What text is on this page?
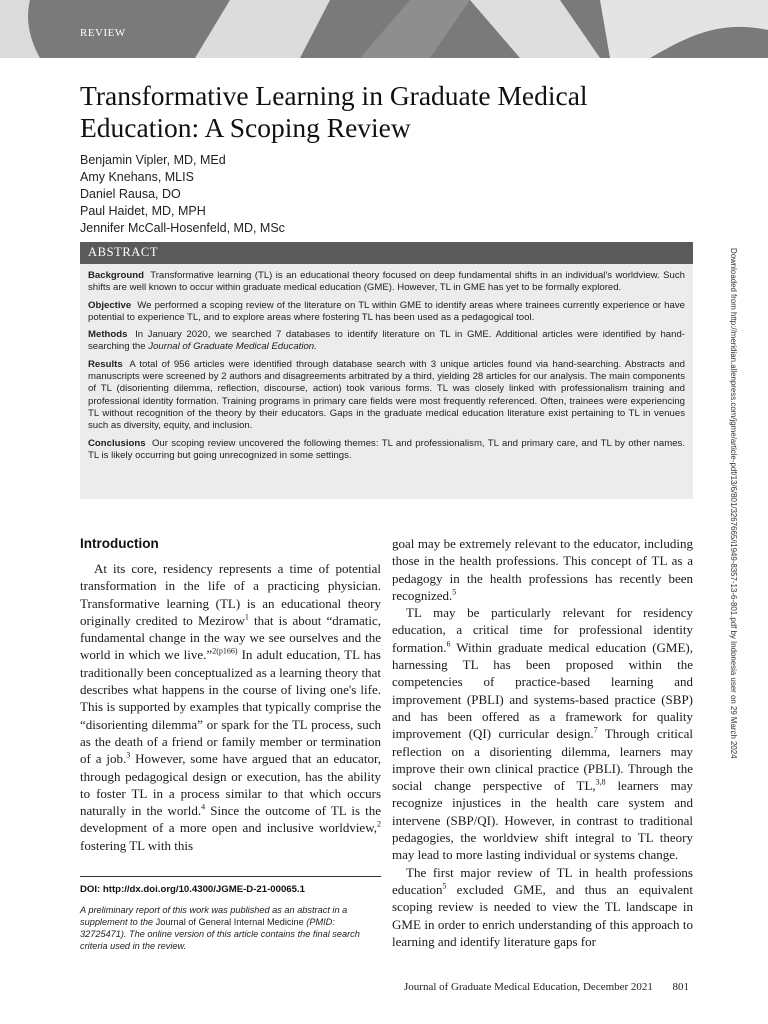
REVIEW
Transformative Learning in Graduate Medical Education: A Scoping Review
Benjamin Vipler, MD, MEd
Amy Knehans, MLIS
Daniel Rausa, DO
Paul Haidet, MD, MPH
Jennifer McCall-Hosenfeld, MD, MSc
ABSTRACT

Background Transformative learning (TL) is an educational theory focused on deep fundamental shifts in an individual's worldview. Such shifts are well known to occur within graduate medical education (GME). However, TL in GME has yet to be formally explored.

Objective We performed a scoping review of the literature on TL within GME to identify areas where trainees currently experience or have potential to experience TL, and to explore areas where fostering TL has been used as a pedagogical tool.

Methods In January 2020, we searched 7 databases to identify literature on TL in GME. Additional articles were identified by hand-searching the Journal of Graduate Medical Education.

Results A total of 956 articles were identified through database search with 3 unique articles found via hand-searching. Abstracts and manuscripts were screened by 2 authors and disagreements arbitrated by a third, yielding 28 articles for our analysis. The main components of TL (disorienting dilemma, reflection, discourse, action) took various forms. TL was closely linked with professionalism training and professional identity formation. Training programs in primary care fields were most frequently referenced. Often, trainees were experiencing TL without recognition of the theory by their educators. Gaps in the graduate medical education literature exist pertaining to TL in venues such as diversity, equity, and inclusion.

Conclusions Our scoping review uncovered the following themes: TL and professionalism, TL and primary care, and TL by other names. TL is likely occurring but going unrecognized in some settings.	Downloaded from http://meridian.allenpress.com/jgme/article-pdf/13/6/801/3267665/i1949-8357-13-6-801.pdf by Indonesia user on 29 March 2024
Introduction

At its core, residency represents a time of potential transformation in the life of a practicing physician. Transformative learning (TL) is an educational theory originally credited to Mezirow$^1$ that is about “dramatic, fundamental change in the way we see ourselves and the world in which we live.”$^{2(p166)}$ In adult education, TL has traditionally been conceptualized as a learning theory that describes what happens in the course of living one's life. This is supported by examples that typically comprise the “disorienting dilemma” or spark for the TL process, such as the death of a friend or family member or termination of a job.$^3$ However, some have argued that an educator, through pedagogical design or execution, has the ability to foster TL in a process similar to that which occurs naturally in the world.$^4$ Since the outcome of TL is the development of a more open and inclusive worldview,$^2$ fostering TL with this

goal may be extremely relevant to the educator, including those in the health professions. This concept of TL as a pedagogy in the health professions has recently been recognized.$^5$

TL may be particularly relevant for residency education, a critical time for professional identity formation.$^6$ Within graduate medical education (GME), harnessing TL has been proposed within the competencies of practice-based learning and improvement (PBLI) and systems-based practice (SBP) and has been offered as a framework for quality improvement (QI) curricular design.$^7$ Through critical reflection on a disorienting dilemma, learners may improve their own clinical practice (PBLI). Through the social change perspective of TL,$^{3,8}$ learners may recognize injustices in the health care system and intervene (SBP/QI). However, in contrast to traditional pedagogies, the worldview shift integral to TL theory may lead to more lasting individual or systems change.

The first major review of TL in health professions education$^5$ excluded GME, and thus an equivalent scoping review is needed to view the TL landscape in GME in order to enrich understanding of this approach to learning and identify literature gaps for

DOI: http://dx.doi.org/10.4300/JGME-D-21-00065.1
A preliminary report of this work was published as an abstract in a supplement to the Journal of General Internal Medicine (PMID: 32725471). The online version of this article contains the final search criteria used in the review.
Journal of Graduate Medical Education, December 2021 801
